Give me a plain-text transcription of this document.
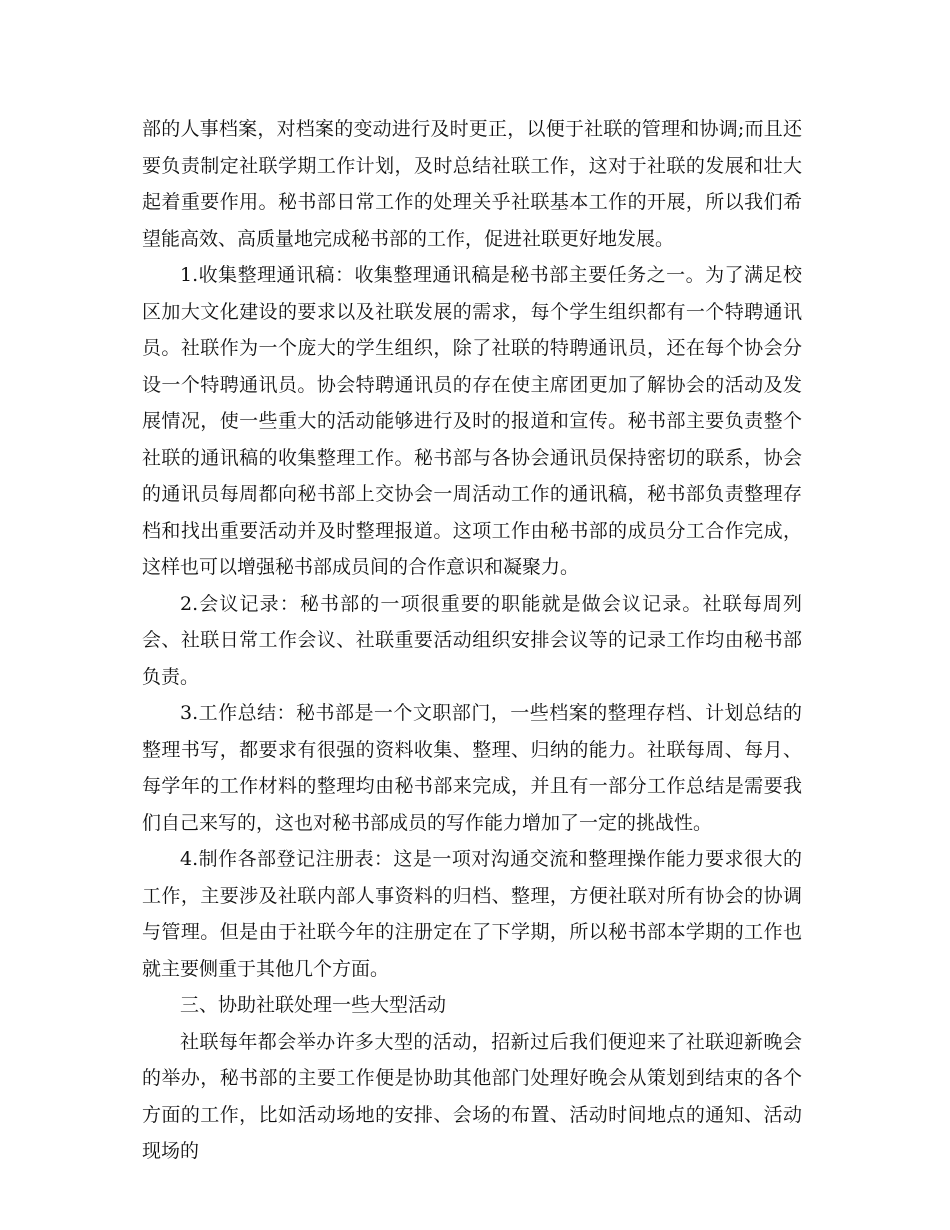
部的人事档案，对档案的变动进行及时更正，以便于社联的管理和协调;而且还要负责制定社联学期工作计划，及时总结社联工作，这对于社联的发展和壮大起着重要作用。秘书部日常工作的处理关乎社联基本工作的开展，所以我们希望能高效、高质量地完成秘书部的工作，促进社联更好地发展。

1.收集整理通讯稿：收集整理通讯稿是秘书部主要任务之一。为了满足校区加大文化建设的要求以及社联发展的需求，每个学生组织都有一个特聘通讯员。社联作为一个庞大的学生组织，除了社联的特聘通讯员，还在每个协会分设一个特聘通讯员。协会特聘通讯员的存在使主席团更加了解协会的活动及发展情况，使一些重大的活动能够进行及时的报道和宣传。秘书部主要负责整个社联的通讯稿的收集整理工作。秘书部与各协会通讯员保持密切的联系，协会的通讯员每周都向秘书部上交协会一周活动工作的通讯稿，秘书部负责整理存档和找出重要活动并及时整理报道。这项工作由秘书部的成员分工合作完成，这样也可以增强秘书部成员间的合作意识和凝聚力。

2.会议记录：秘书部的一项很重要的职能就是做会议记录。社联每周列会、社联日常工作会议、社联重要活动组织安排会议等的记录工作均由秘书部负责。

3.工作总结：秘书部是一个文职部门，一些档案的整理存档、计划总结的整理书写，都要求有很强的资料收集、整理、归纳的能力。社联每周、每月、每学年的工作材料的整理均由秘书部来完成，并且有一部分工作总结是需要我们自己来写的，这也对秘书部成员的写作能力增加了一定的挑战性。

4.制作各部登记注册表：这是一项对沟通交流和整理操作能力要求很大的工作，主要涉及社联内部人事资料的归档、整理，方便社联对所有协会的协调与管理。但是由于社联今年的注册定在了下学期，所以秘书部本学期的工作也就主要侧重于其他几个方面。

三、协助社联处理一些大型活动

社联每年都会举办许多大型的活动，招新过后我们便迎来了社联迎新晚会的举办，秘书部的主要工作便是协助其他部门处理好晚会从策划到结束的各个方面的工作，比如活动场地的安排、会场的布置、活动时间地点的通知、活动现场的
